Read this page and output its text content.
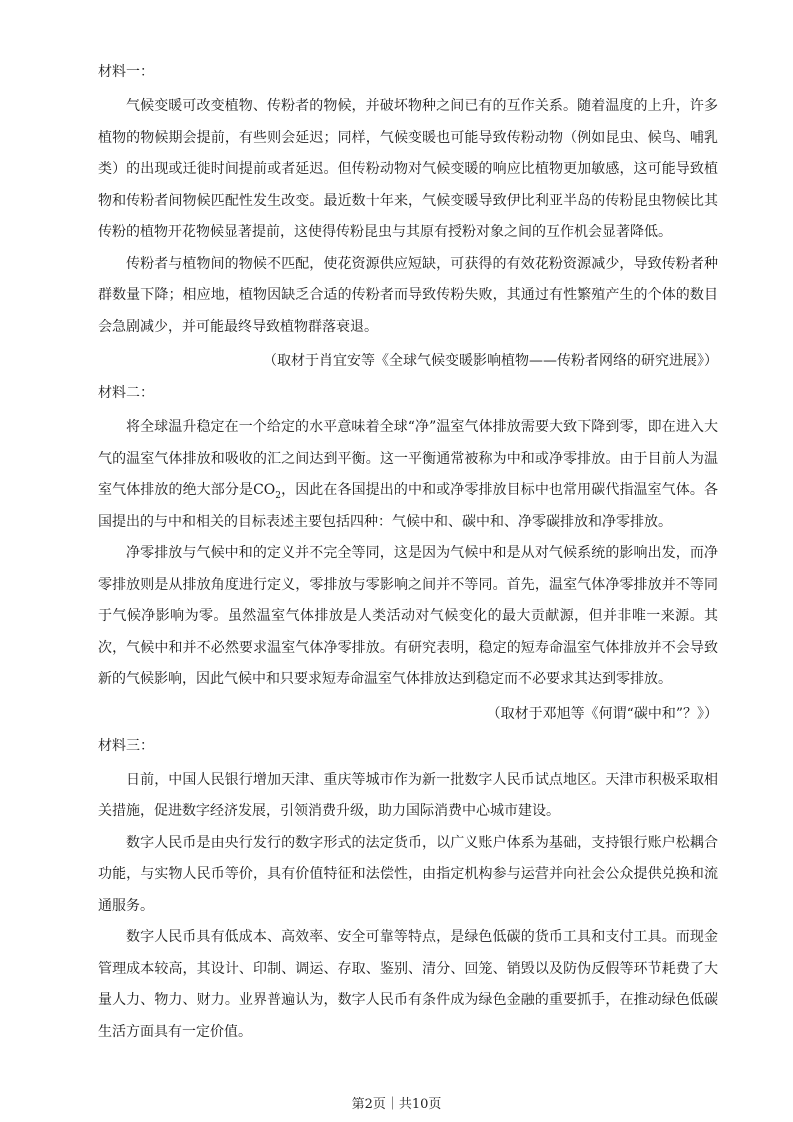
材料一：

气候变暖可改变植物、传粉者的物候，并破坏物种之间已有的互作关系。随着温度的上升，许多植物的物候期会提前，有些则会延迟；同样，气候变暖也可能导致传粉动物（例如昆虫、候鸟、哺乳类）的出现或迁徙时间提前或者延迟。但传粉动物对气候变暖的响应比植物更加敏感，这可能导致植物和传粉者间物候匹配性发生改变。最近数十年来，气候变暖导致伊比利亚半岛的传粉昆虫物候比其传粉的植物开花物候显著提前，这使得传粉昆虫与其原有授粉对象之间的互作机会显著降低。

传粉者与植物间的物候不匹配，使花资源供应短缺，可获得的有效花粉资源减少，导致传粉者种群数量下降；相应地，植物因缺乏合适的传粉者而导致传粉失败，其通过有性繁殖产生的个体的数目会急剧减少，并可能最终导致植物群落衰退。

（取材于肖宜安等《全球气候变暖影响植物——传粉者网络的研究进展》）

材料二：

将全球温升稳定在一个给定的水平意味着全球“净”温室气体排放需要大致下降到零，即在进入大气的温室气体排放和吸收的汇之间达到平衡。这一平衡通常被称为中和或净零排放。由于目前人为温室气体排放的绝大部分是$CO_2$，因此在各国提出的中和或净零排放目标中也常用碳代指温室气体。各国提出的与中和相关的目标表述主要包括四种：气候中和、碳中和、净零碳排放和净零排放。

净零排放与气候中和的定义并不完全等同，这是因为气候中和是从对气候系统的影响出发，而净零排放则是从排放角度进行定义，零排放与零影响之间并不等同。首先，温室气体净零排放并不等同于气候净影响为零。虽然温室气体排放是人类活动对气候变化的最大贡献源，但并非唯一来源。其次，气候中和并不必然要求温室气体净零排放。有研究表明，稳定的短寿命温室气体排放并不会导致新的气候影响，因此气候中和只要求短寿命温室气体排放达到稳定而不必要求其达到零排放。

（取材于邓旭等《何谓“碳中和”？》）

材料三：

日前，中国人民银行增加天津、重庆等城市作为新一批数字人民币试点地区。天津市积极采取相关措施，促进数字经济发展，引领消费升级，助力国际消费中心城市建设。

数字人民币是由央行发行的数字形式的法定货币，以广义账户体系为基础，支持银行账户松耦合功能，与实物人民币等价，具有价值特征和法偿性，由指定机构参与运营并向社会公众提供兑换和流通服务。

数字人民币具有低成本、高效率、安全可靠等特点，是绿色低碳的货币工具和支付工具。而现金管理成本较高，其设计、印制、调运、存取、鉴别、清分、回笼、销毁以及防伪反假等环节耗费了大量人力、物力、财力。业界普遍认为，数字人民币有条件成为绿色金融的重要抓手，在推动绿色低碳生活方面具有一定价值。

第2页｜共10页
